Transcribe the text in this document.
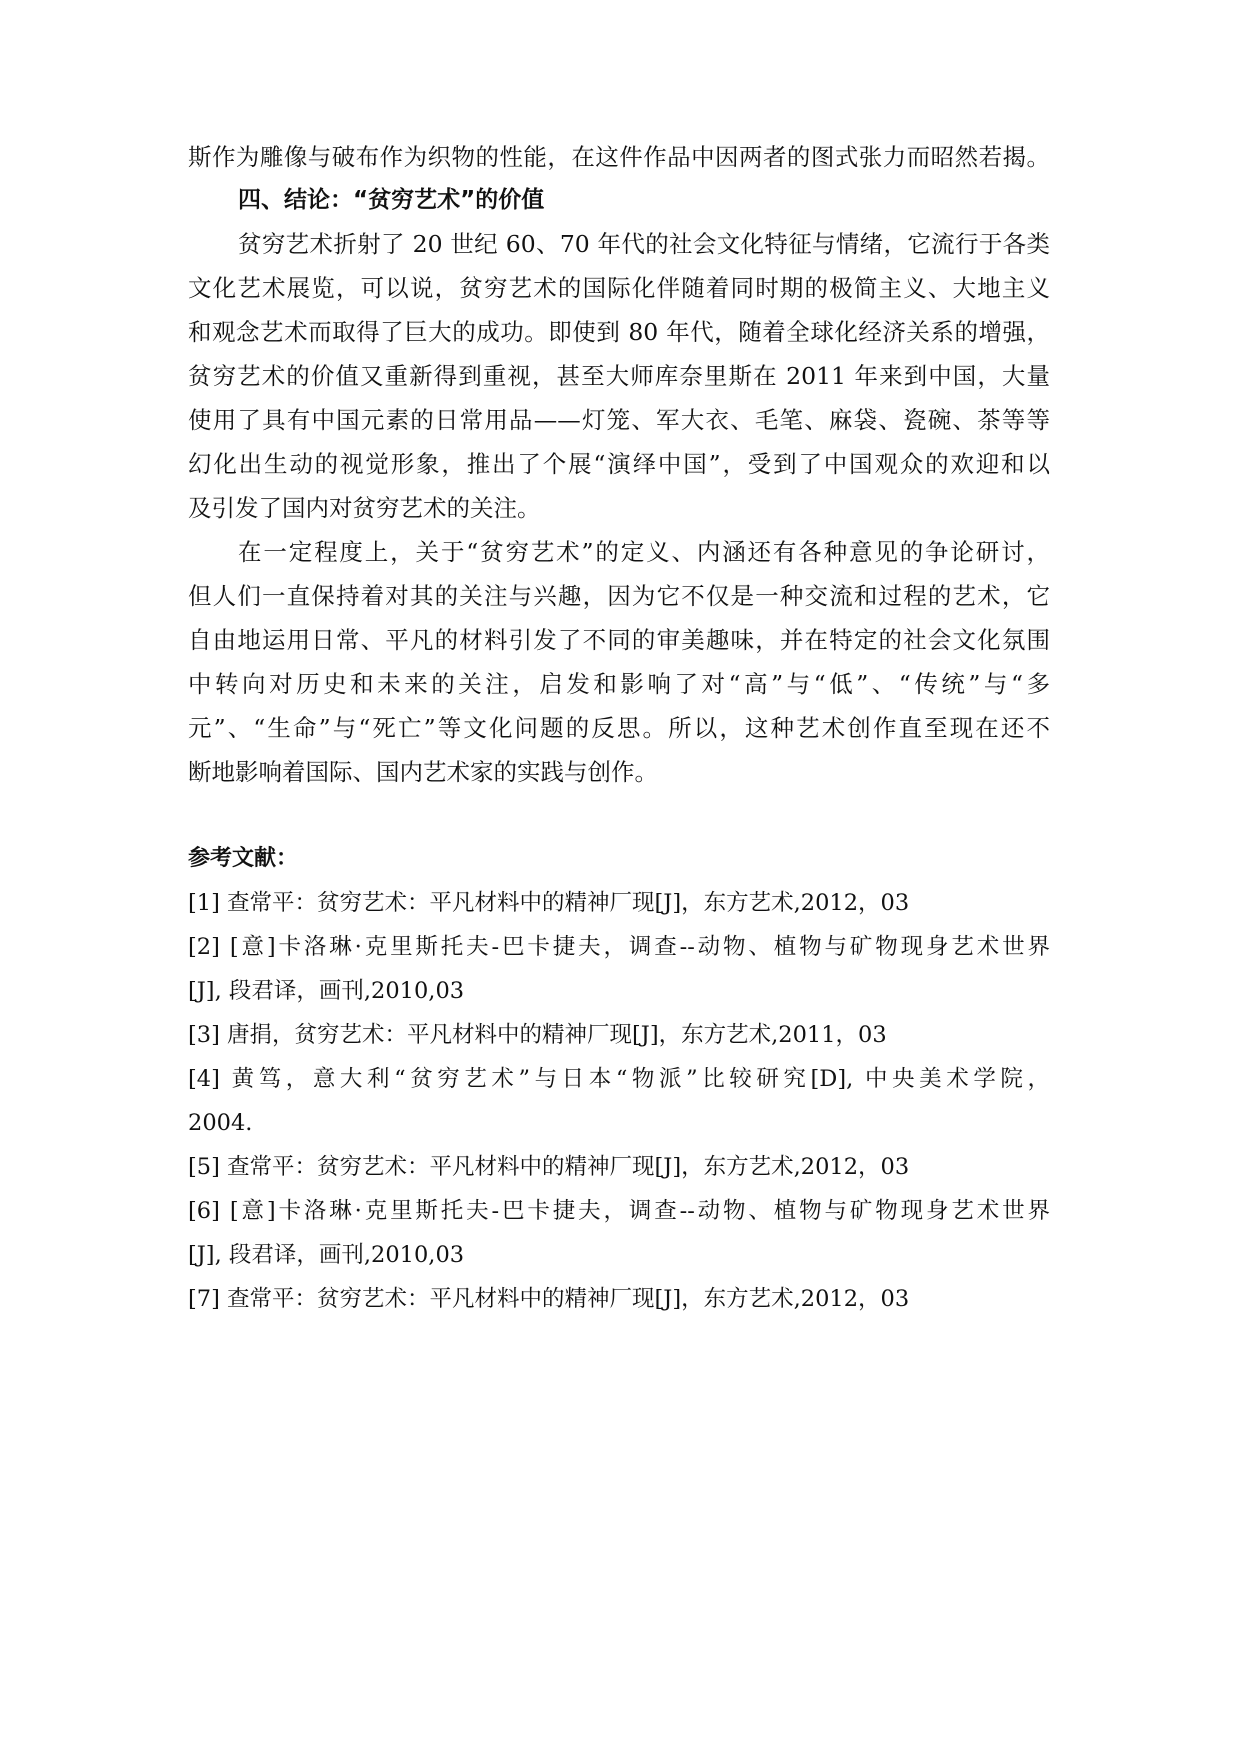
斯作为雕像与破布作为织物的性能，在这件作品中因两者的图式张力而昭然若揭。
四、结论：“贫穷艺术”的价值
贫穷艺术折射了 20 世纪 60、70 年代的社会文化特征与情绪，它流行于各类
文化艺术展览，可以说，贫穷艺术的国际化伴随着同时期的极简主义、大地主义
和观念艺术而取得了巨大的成功。即使到 80 年代，随着全球化经济关系的增强，
贫穷艺术的价值又重新得到重视，甚至大师库奈里斯在 2011 年来到中国，大量
使用了具有中国元素的日常用品——灯笼、军大衣、毛笔、麻袋、瓷碗、茶等等
幻化出生动的视觉形象，推出了个展“演绎中国”，受到了中国观众的欢迎和以
及引发了国内对贫穷艺术的关注。
在一定程度上，关于“贫穷艺术”的定义、内涵还有各种意见的争论研讨，
但人们一直保持着对其的关注与兴趣，因为它不仅是一种交流和过程的艺术，它
自由地运用日常、平凡的材料引发了不同的审美趣味，并在特定的社会文化氛围
中转向对历史和未来的关注，启发和影响了对“高”与“低”、“传统”与“多
元”、“生命”与“死亡”等文化问题的反思。所以，这种艺术创作直至现在还不
断地影响着国际、国内艺术家的实践与创作。
参考文献：
[1] 查常平：贫穷艺术：平凡材料中的精神厂现[J]，东方艺术,2012，03
[2] [意]卡洛琳·克里斯托夫-巴卡捷夫，调查--动物、植物与矿物现身艺术世界
[J], 段君译，画刊,2010,03
[3] 唐捐，贫穷艺术：平凡材料中的精神厂现[J]，东方艺术,2011，03
[4] 黄笃，意大利“贫穷艺术”与日本“物派”比较研究[D], 中央美术学院，
2004.
[5] 查常平：贫穷艺术：平凡材料中的精神厂现[J]，东方艺术,2012，03
[6] [意]卡洛琳·克里斯托夫-巴卡捷夫，调查--动物、植物与矿物现身艺术世界
[J], 段君译，画刊,2010,03
[7] 查常平：贫穷艺术：平凡材料中的精神厂现[J]，东方艺术,2012，03
